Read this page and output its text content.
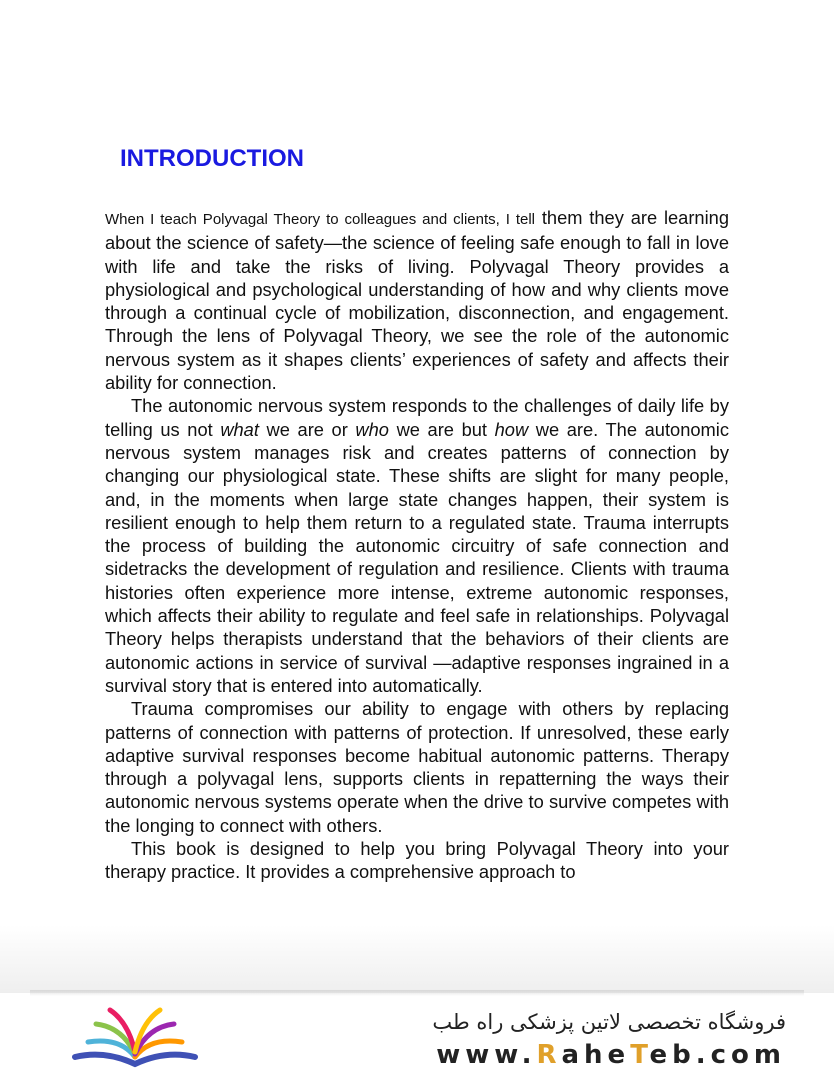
INTRODUCTION

When I teach Polyvagal Theory to colleagues and clients, I tell them they are learning about the science of safety—the science of feeling safe enough to fall in love with life and take the risks of living. Polyvagal Theory provides a physiological and psychological understanding of how and why clients move through a continual cycle of mobilization, disconnection, and engagement. Through the lens of Polyvagal Theory, we see the role of the autonomic nervous system as it shapes clients’ experiences of safety and affects their ability for connection.

The autonomic nervous system responds to the challenges of daily life by telling us not what we are or who we are but how we are. The autonomic nervous system manages risk and creates patterns of connection by changing our physiological state. These shifts are slight for many people, and, in the moments when large state changes happen, their system is resilient enough to help them return to a regulated state. Trauma interrupts the process of building the autonomic circuitry of safe connection and sidetracks the development of regulation and resilience. Clients with trauma histories often experience more intense, extreme autonomic responses, which affects their ability to regulate and feel safe in relationships. Polyvagal Theory helps therapists understand that the behaviors of their clients are autonomic actions in service of survival —adaptive responses ingrained in a survival story that is entered into automatically.

Trauma compromises our ability to engage with others by replacing patterns of connection with patterns of protection. If unresolved, these early adaptive survival responses become habitual autonomic patterns. Therapy through a polyvagal lens, supports clients in repatterning the ways their autonomic nervous systems operate when the drive to survive competes with the longing to connect with others.

This book is designed to help you bring Polyvagal Theory into your therapy practice. It provides a comprehensive approach to

فروشگاه تخصصی لاتین پزشکی راه طب
www.RaheTeb.com
